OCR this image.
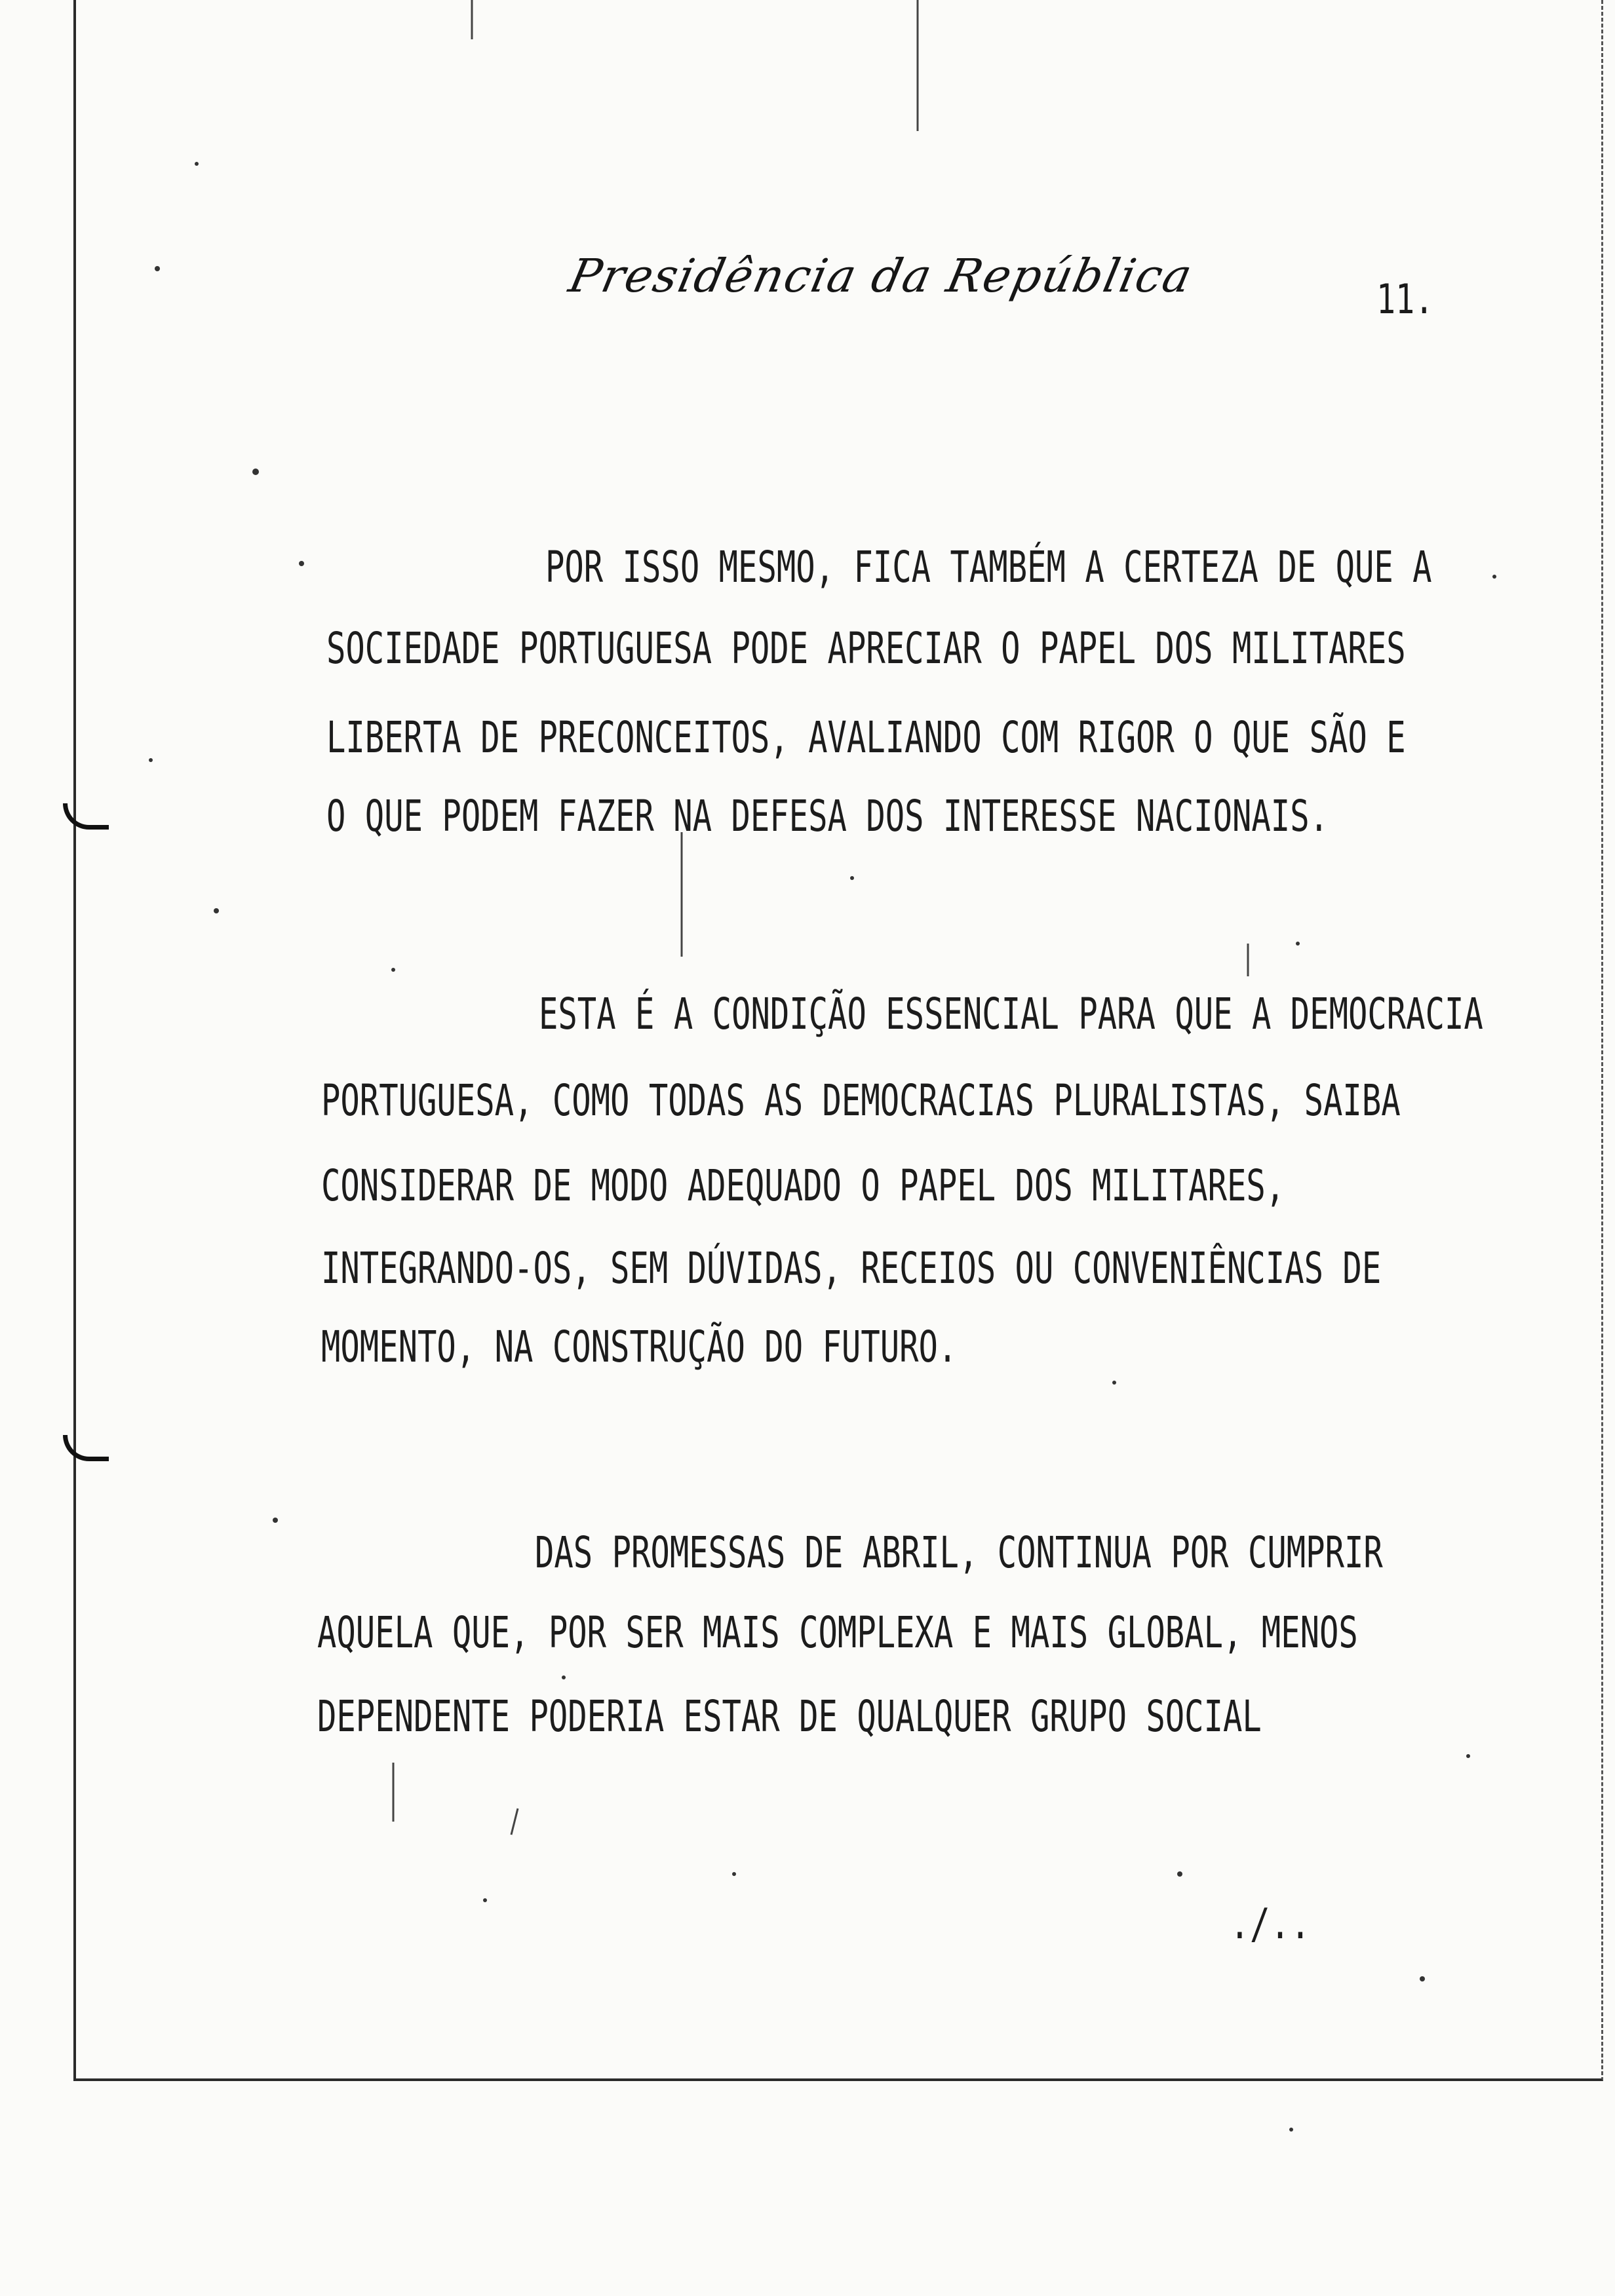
Presidência da República	11.
POR ISSO MESMO, FICA TAMBÉM A CERTEZA DE QUE A
SOCIEDADE PORTUGUESA PODE APRECIAR O PAPEL DOS MILITARES
LIBERTA DE PRECONCEITOS, AVALIANDO COM RIGOR O QUE SÃO E
O QUE PODEM FAZER NA DEFESA DOS INTERESSE NACIONAIS.
ESTA É A CONDIÇÃO ESSENCIAL PARA QUE A DEMOCRACIA
PORTUGUESA, COMO TODAS AS DEMOCRACIAS PLURALISTAS, SAIBA
CONSIDERAR DE MODO ADEQUADO O PAPEL DOS MILITARES,
INTEGRANDO-OS, SEM DÚVIDAS, RECEIOS OU CONVENIÊNCIAS DE
MOMENTO, NA CONSTRUÇÃO DO FUTURO.
DAS PROMESSAS DE ABRIL, CONTINUA POR CUMPRIR
AQUELA QUE, POR SER MAIS COMPLEXA E MAIS GLOBAL, MENOS
DEPENDENTE PODERIA ESTAR DE QUALQUER GRUPO SOCIAL
./..
